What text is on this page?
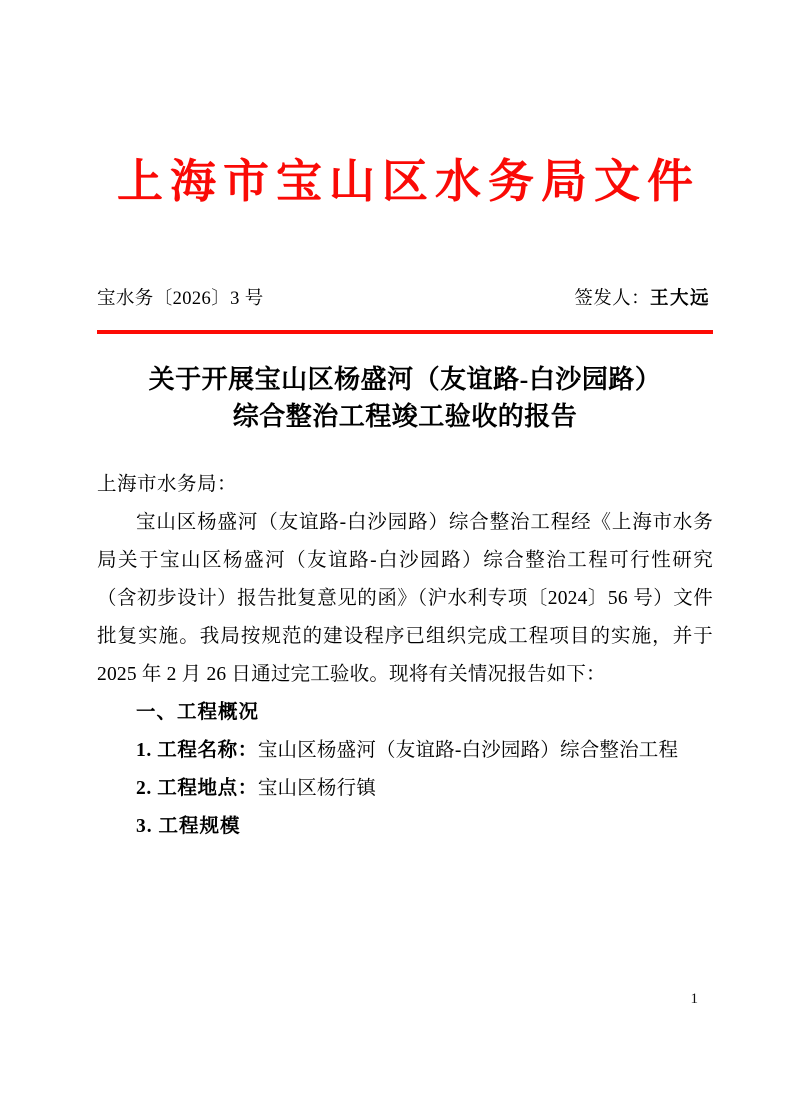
上海市宝山区水务局文件
宝水务〔2026〕3 号	签发人：王大远
关于开展宝山区杨盛河（友谊路-白沙园路）
综合整治工程竣工验收的报告
上海市水务局：
宝山区杨盛河（友谊路-白沙园路）综合整治工程经《上海市水务局关于宝山区杨盛河（友谊路-白沙园路）综合整治工程可行性研究（含初步设计）报告批复意见的函》（沪水利专项〔2024〕56 号）文件批复实施。我局按规范的建设程序已组织完成工程项目的实施，并于 2025 年 2 月 26 日通过完工验收。现将有关情况报告如下：
一、工程概况
1. 工程名称：宝山区杨盛河（友谊路-白沙园路）综合整治工程
2. 工程地点：宝山区杨行镇
3. 工程规模
1
